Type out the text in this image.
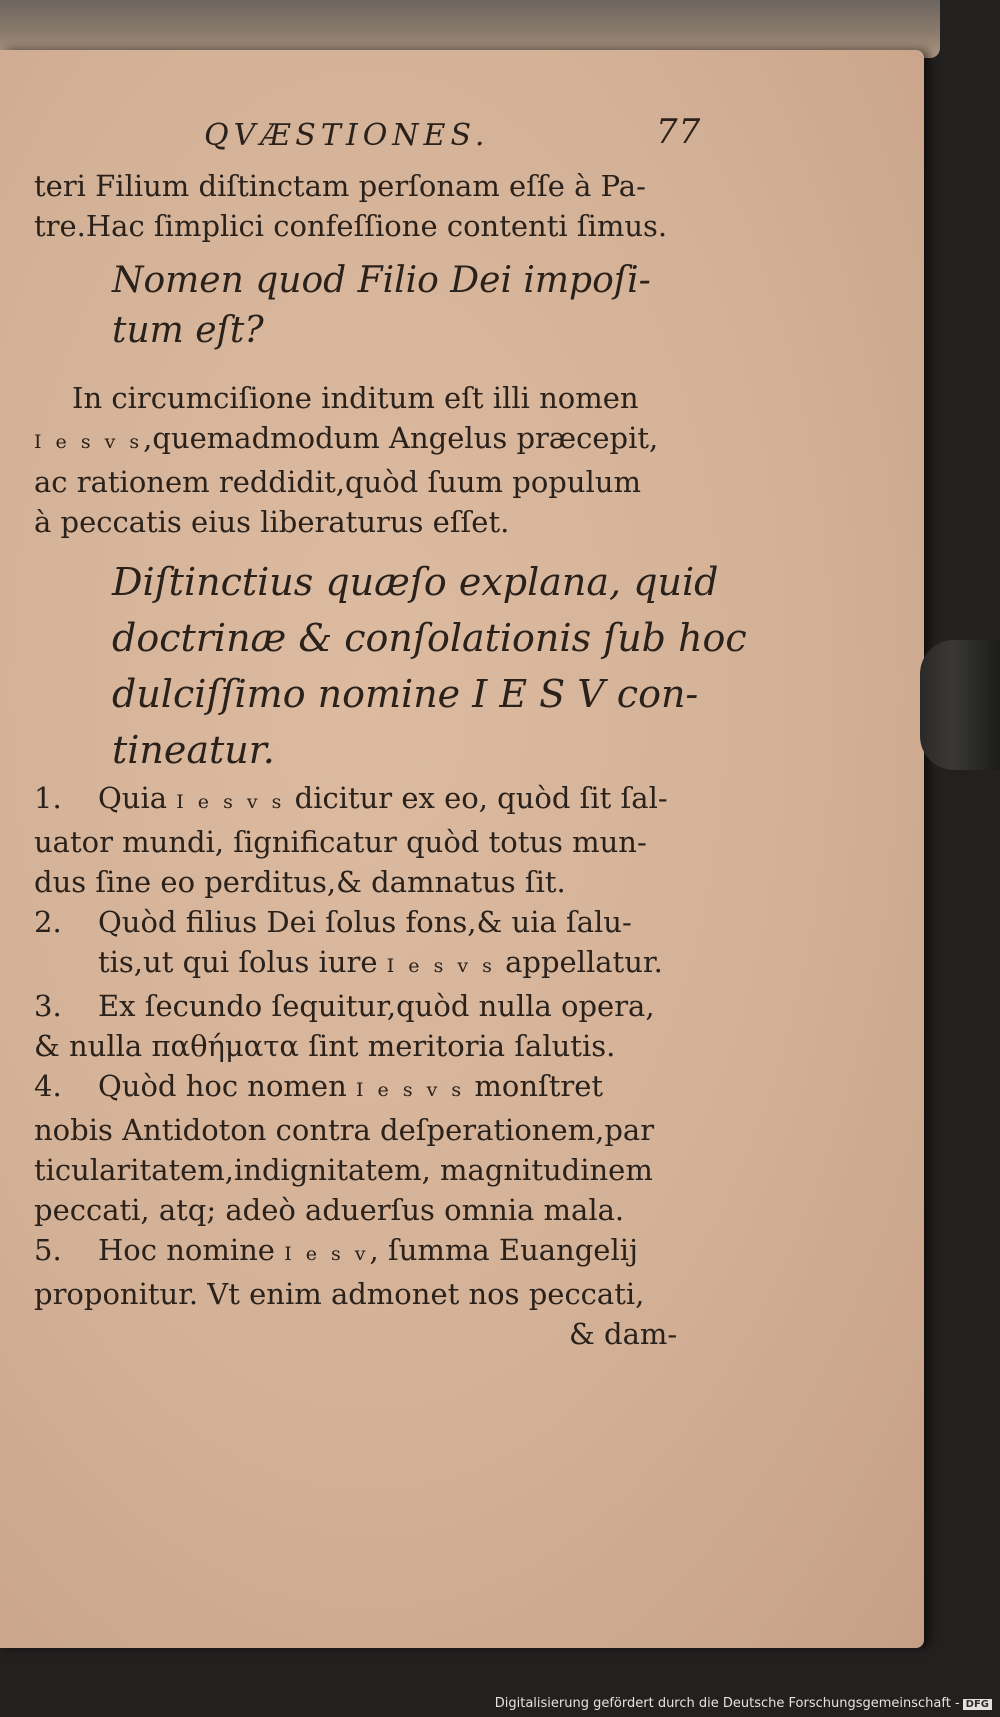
QVÆSTIONES.	77
teri Filium diſtinctam perſonam eſſe à Pa-
tre.Hac ſimplici confeſſione contenti ſimus.
Nomen quod Filio Dei impoſi-
tum eſt?
In circumciſione inditum eſt illi nomen
I e s v s,quemadmodum Angelus præcepit,
ac rationem reddidit,quòd ſuum populum
à peccatis eius liberaturus eſſet.
Diſtinctius quæſo explana, quid
doctrinæ & conſolationis ſub hoc
dulciſſimo nomine I E S V con-
tineatur.
1. Quia I e s v s dicitur ex eo, quòd ſit ſal-
uator mundi, ſignificatur quòd totus mun-
dus ſine eo perditus,& damnatus ſit.
2. Quòd filius Dei ſolus fons,& uia ſalu-
tis,ut qui ſolus iure I e s v s appellatur.
3. Ex ſecundo ſequitur,quòd nulla opera,
& nulla παθήματα ſint meritoria ſalutis.
4. Quòd hoc nomen I e s v s monſtret
nobis Antidoton contra deſperationem,par
ticularitatem,indignitatem, magnitudinem
peccati, atq; adeò aduerſus omnia mala.
5. Hoc nomine I e s v, ſumma Euangelij
proponitur. Vt enim admonet nos peccati,
& dam-
Digitalisierung gefördert durch die Deutsche Forschungsgemeinschaft - DFG
